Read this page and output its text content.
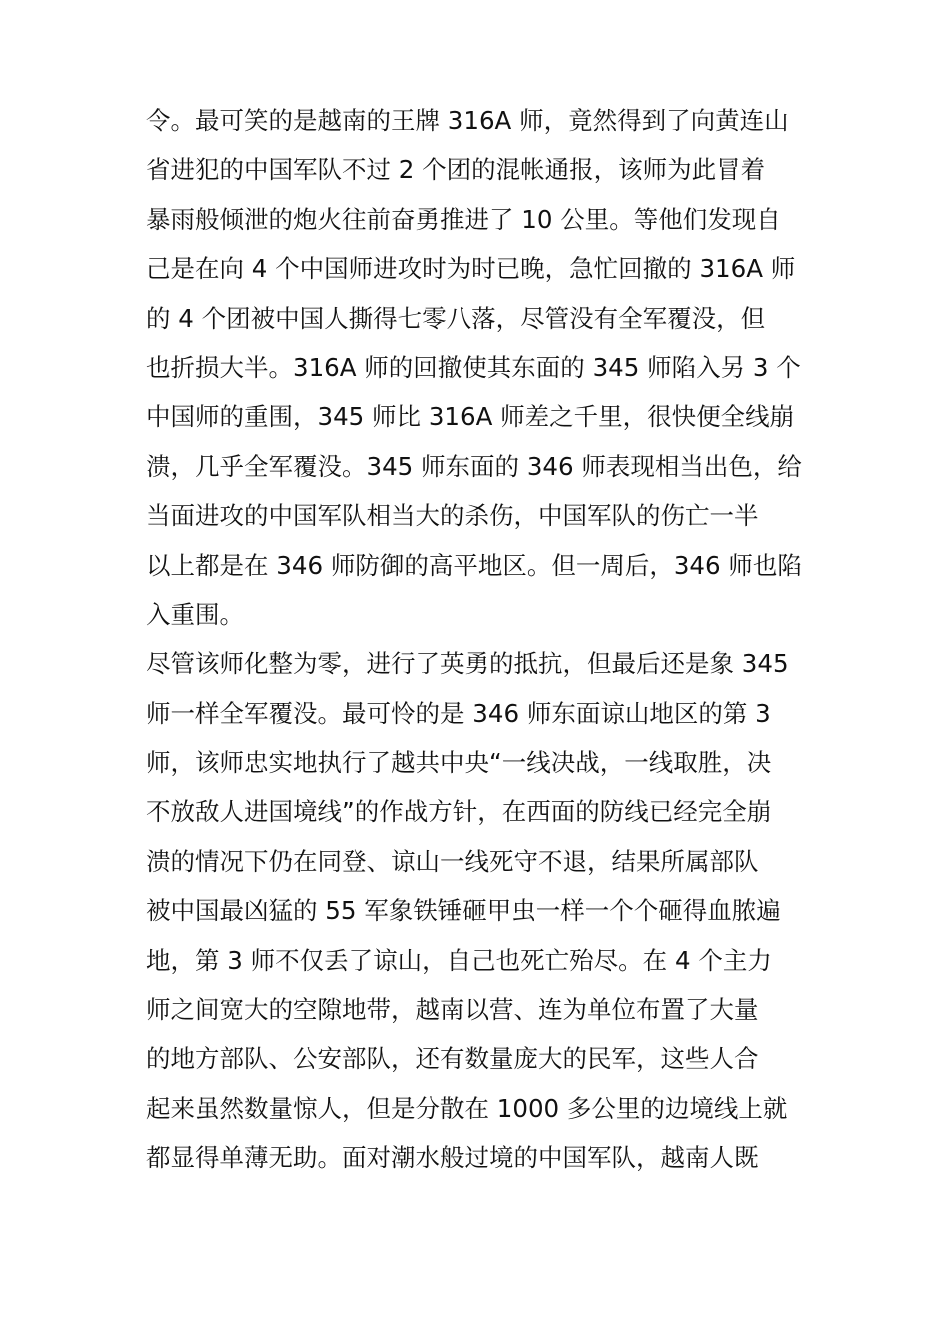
令。最可笑的是越南的王牌 316A 师，竟然得到了向黄连山

省进犯的中国军队不过 2 个团的混帐通报，该师为此冒着

暴雨般倾泄的炮火往前奋勇推进了 10 公里。等他们发现自

己是在向 4 个中国师进攻时为时已晚，急忙回撤的 316A 师

的 4 个团被中国人撕得七零八落，尽管没有全军覆没，但

也折损大半。316A 师的回撤使其东面的 345 师陷入另 3 个

中国师的重围，345 师比 316A 师差之千里，很快便全线崩

溃，几乎全军覆没。345 师东面的 346 师表现相当出色，给

当面进攻的中国军队相当大的杀伤，中国军队的伤亡一半

以上都是在 346 师防御的高平地区。但一周后，346 师也陷

入重围。

尽管该师化整为零，进行了英勇的抵抗，但最后还是象 345

师一样全军覆没。最可怜的是 346 师东面谅山地区的第 3

师，该师忠实地执行了越共中央“一线决战，一线取胜，决

不放敌人进国境线”的作战方针，在西面的防线已经完全崩

溃的情况下仍在同登、谅山一线死守不退，结果所属部队

被中国最凶猛的 55 军象铁锤砸甲虫一样一个个砸得血脓遍

地，第 3 师不仅丢了谅山，自己也死亡殆尽。在 4 个主力

师之间宽大的空隙地带，越南以营、连为单位布置了大量

的地方部队、公安部队，还有数量庞大的民军，这些人合

起来虽然数量惊人，但是分散在 1000 多公里的边境线上就

都显得单薄无助。面对潮水般过境的中国军队，越南人既
